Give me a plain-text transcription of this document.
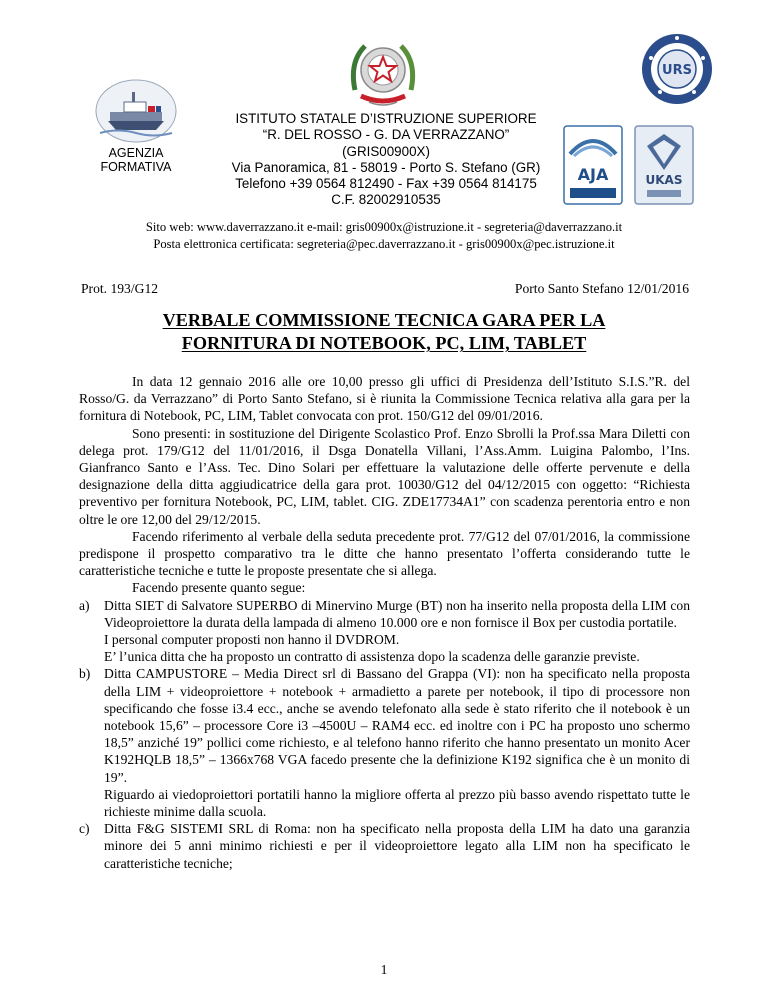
AGENZIA
FORMATIVA
ISTITUTO STATALE D’ISTRUZIONE SUPERIORE
“R. DEL ROSSO - G. DA VERRAZZANO”
(GRIS00900X)
Via Panoramica, 81 - 58019 - Porto S. Stefano (GR)
Telefono +39 0564 812490 - Fax +39 0564 814175
C.F. 82002910535
URS
AJA	UKAS
Sito web: www.daverrazzano.it e-mail: gris00900x@istruzione.it - segreteria@daverrazzano.it
Posta elettronica certificata: segreteria@pec.daverrazzano.it - gris00900x@pec.istruzione.it
Prot. 193/G12	Porto Santo Stefano 12/01/2016
VERBALE COMMISSIONE TECNICA GARA PER LA
FORNITURA DI NOTEBOOK, PC, LIM, TABLET

In data 12 gennaio 2016 alle ore 10,00 presso gli uffici di Presidenza dell’Istituto S.I.S.”R. del Rosso/G. da Verrazzano” di Porto Santo Stefano, si è riunita la Commissione Tecnica relativa alla gara per la fornitura di Notebook, PC, LIM, Tablet convocata con prot. 150/G12 del 09/01/2016.

Sono presenti: in sostituzione del Dirigente Scolastico Prof. Enzo Sbrolli la Prof.ssa Mara Diletti con delega prot. 179/G12 del 11/01/2016, il Dsga Donatella Villani, l’Ass.Amm. Luigina Palombo, l’Ins. Gianfranco Santo e l’Ass. Tec. Dino Solari per effettuare la valutazione delle offerte pervenute e della designazione della ditta aggiudicatrice della gara prot. 10030/G12 del 04/12/2015 con oggetto: “Richiesta preventivo per fornitura Notebook, PC, LIM, tablet. CIG. ZDE17734A1” con scadenza perentoria entro e non oltre le ore 12,00 del 29/12/2015.

Facendo riferimento al verbale della seduta precedente prot. 77/G12 del 07/01/2016, la commissione predispone il prospetto comparativo tra le ditte che hanno presentato l’offerta considerando tutte le caratteristiche tecniche e tutte le proposte presentate che si allega.

Facendo presente quanto segue:

a) Ditta SIET di Salvatore SUPERBO di Minervino Murge (BT) non ha inserito nella proposta della LIM con Videoproiettore la durata della lampada di almeno 10.000 ore e non fornisce il Box per custodia portatile.
I personal computer proposti non hanno il DVDROM.
E’ l’unica ditta che ha proposto un contratto di assistenza dopo la scadenza delle garanzie previste.
b) Ditta CAMPUSTORE – Media Direct srl di Bassano del Grappa (VI): non ha specificato nella proposta della LIM + videoproiettore + notebook + armadietto a parete per notebook, il tipo di processore non specificando che fosse i3.4 ecc., anche se avendo telefonato alla sede è stato riferito che il notebook è un notebook 15,6” – processore Core i3 –4500U – RAM4 ecc. ed inoltre con i PC ha proposto uno schermo 18,5” anziché 19” pollici come richiesto, e al telefono hanno riferito che hanno presentato un monito Acer K192HQLB 18,5” – 1366x768 VGA facedo presente che la definizione K192 significa che è un monito di 19”.
Riguardo ai viedoproiettori portatili hanno la migliore offerta al prezzo più basso avendo rispettato tutte le richieste minime dalla scuola.
c) Ditta F&G SISTEMI SRL di Roma: non ha specificato nella proposta della LIM ha dato una garanzia minore dei 5 anni minimo richiesti e per il videoproiettore legato alla LIM non ha specificato le caratteristiche tecniche;
1
